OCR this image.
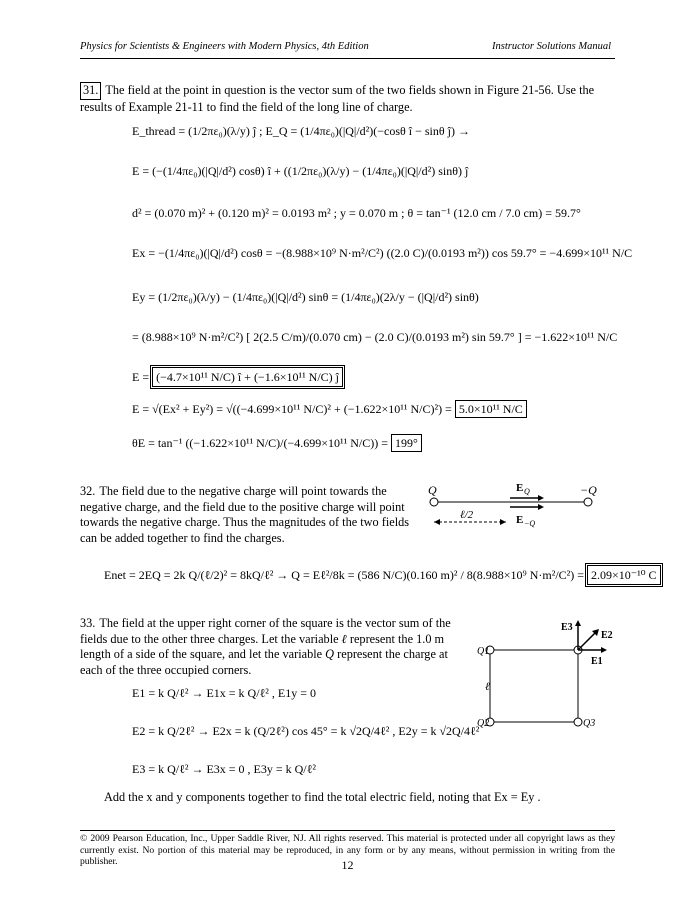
Physics for Scientists & Engineers with Modern Physics, 4th Edition	Instructor Solutions Manual
31. The field at the point in question is the vector sum of the two fields shown in Figure 21-56. Use the results of Example 21-11 to find the field of the long line of charge.
E_thread = (1/2πε₀)(λ/y) ĵ ; E_Q = (1/4πε₀)(|Q|/d²)(−cosθ î − sinθ ĵ) →
E = (−(1/4πε₀)(|Q|/d²) cosθ) î + ((1/2πε₀)(λ/y) − (1/4πε₀)(|Q|/d²) sinθ) ĵ
d² = (0.070 m)² + (0.120 m)² = 0.0193 m² ; y = 0.070 m ; θ = tan⁻¹ (12.0 cm / 7.0 cm) = 59.7°
Ex = −(1/4πε₀)(|Q|/d²) cosθ = −(8.988×10⁹ N·m²/C²) ((2.0 C)/(0.0193 m²)) cos 59.7° = −4.699×10¹¹ N/C
Ey = (1/2πε₀)(λ/y) − (1/4πε₀)(|Q|/d²) sinθ = (1/4πε₀)(2λ/y − (|Q|/d²) sinθ)
= (8.988×10⁹ N·m²/C²) [ 2(2.5 C/m)/(0.070 cm) − (2.0 C)/(0.0193 m²) sin 59.7° ] = −1.622×10¹¹ N/C
E = (−4.7×10¹¹ N/C) î + (−1.6×10¹¹ N/C) ĵ
E = √(Ex² + Ey²) = √((−4.699×10¹¹ N/C)² + (−1.622×10¹¹ N/C)²) = 5.0×10¹¹ N/C
θE = tan⁻¹ ((−1.622×10¹¹ N/C)/(−4.699×10¹¹ N/C)) = 199°
32. The field due to the negative charge will point towards the negative charge, and the field due to the positive charge will point towards the negative charge. Thus the magnitudes of the two fields can be added together to find the charges.
Q	−Q
E Q
E −Q
ℓ/2
Enet = 2EQ = 2k Q/(ℓ/2)² = 8kQ/ℓ² → Q = Eℓ²/8k = (586 N/C)(0.160 m)² / 8(8.988×10⁹ N·m²/C²) = 2.09×10⁻¹⁰ C
33. The field at the upper right corner of the square is the vector sum of the fields due to the other three charges. Let the variable ℓ represent the 1.0 m length of a side of the square, and let the variable Q represent the charge at each of the three occupied corners.
Q1
Q2	Q3
ℓ
E3
E2
E1
E1 = k Q/ℓ² → E1x = k Q/ℓ² , E1y = 0
E2 = k Q/2ℓ² → E2x = k (Q/2ℓ²) cos 45° = k √2Q/4ℓ² , E2y = k √2Q/4ℓ²
E3 = k Q/ℓ² → E3x = 0 , E3y = k Q/ℓ²
Add the x and y components together to find the total electric field, noting that Ex = Ey .
© 2009 Pearson Education, Inc., Upper Saddle River, NJ. All rights reserved. This material is protected under all copyright laws as they currently exist. No portion of this material may be reproduced, in any form or by any means, without permission in writing from the publisher.	12
